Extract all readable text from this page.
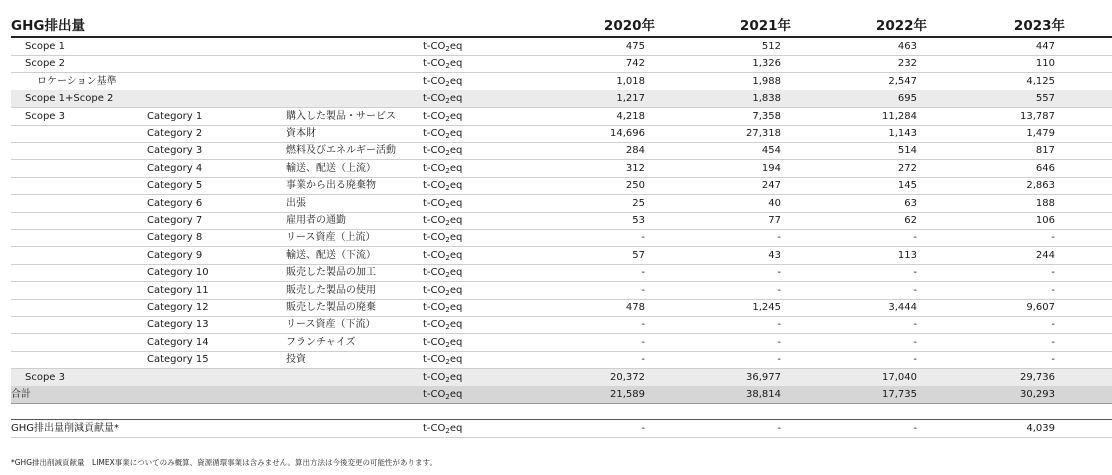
GHG排出量	2020年	2021年	2022年	2023年
Scope 1	$t-CO_2eq$	475	512	463	447
Scope 2	$t-CO_2eq$	742	1,326	232	110
ロケーション基準	$t-CO_2eq$	1,018	1,988	2,547	4,125
Scope 1+Scope 2	$t-CO_2eq$	1,217	1,838	695	557
Scope 3	Category 1	購入した製品・サービス	$t-CO_2eq$	4,218	7,358	11,284	13,787
Category 2	資本財	$t-CO_2eq$	14,696	27,318	1,143	1,479
Category 3	燃料及びエネルギー活動	$t-CO_2eq$	284	454	514	817
Category 4	輸送、配送（上流）	$t-CO_2eq$	312	194	272	646
Category 5	事業から出る廃棄物	$t-CO_2eq$	250	247	145	2,863
Category 6	出張	$t-CO_2eq$	25	40	63	188
Category 7	雇用者の通勤	$t-CO_2eq$	53	77	62	106
Category 8	リース資産（上流）	$t-CO_2eq$	-	-	-	-
Category 9	輸送、配送（下流）	$t-CO_2eq$	57	43	113	244
Category 10	販売した製品の加工	$t-CO_2eq$	-	-	-	-
Category 11	販売した製品の使用	$t-CO_2eq$	-	-	-	-
Category 12	販売した製品の廃棄	$t-CO_2eq$	478	1,245	3,444	9,607
Category 13	リース資産（下流）	$t-CO_2eq$	-	-	-	-
Category 14	フランチャイズ	$t-CO_2eq$	-	-	-	-
Category 15	投資	$t-CO_2eq$	-	-	-	-
Scope 3	$t-CO_2eq$	20,372	36,977	17,040	29,736
合計	$t-CO_2eq$	21,589	38,814	17,735	30,293
GHG排出量削減貢献量*	$t-CO_2eq$	-	-	-	4,039
*GHG排出削減貢献量　LIMEX事業についてのみ概算、資源循環事業は含みません。算出方法は今後変更の可能性があります。
